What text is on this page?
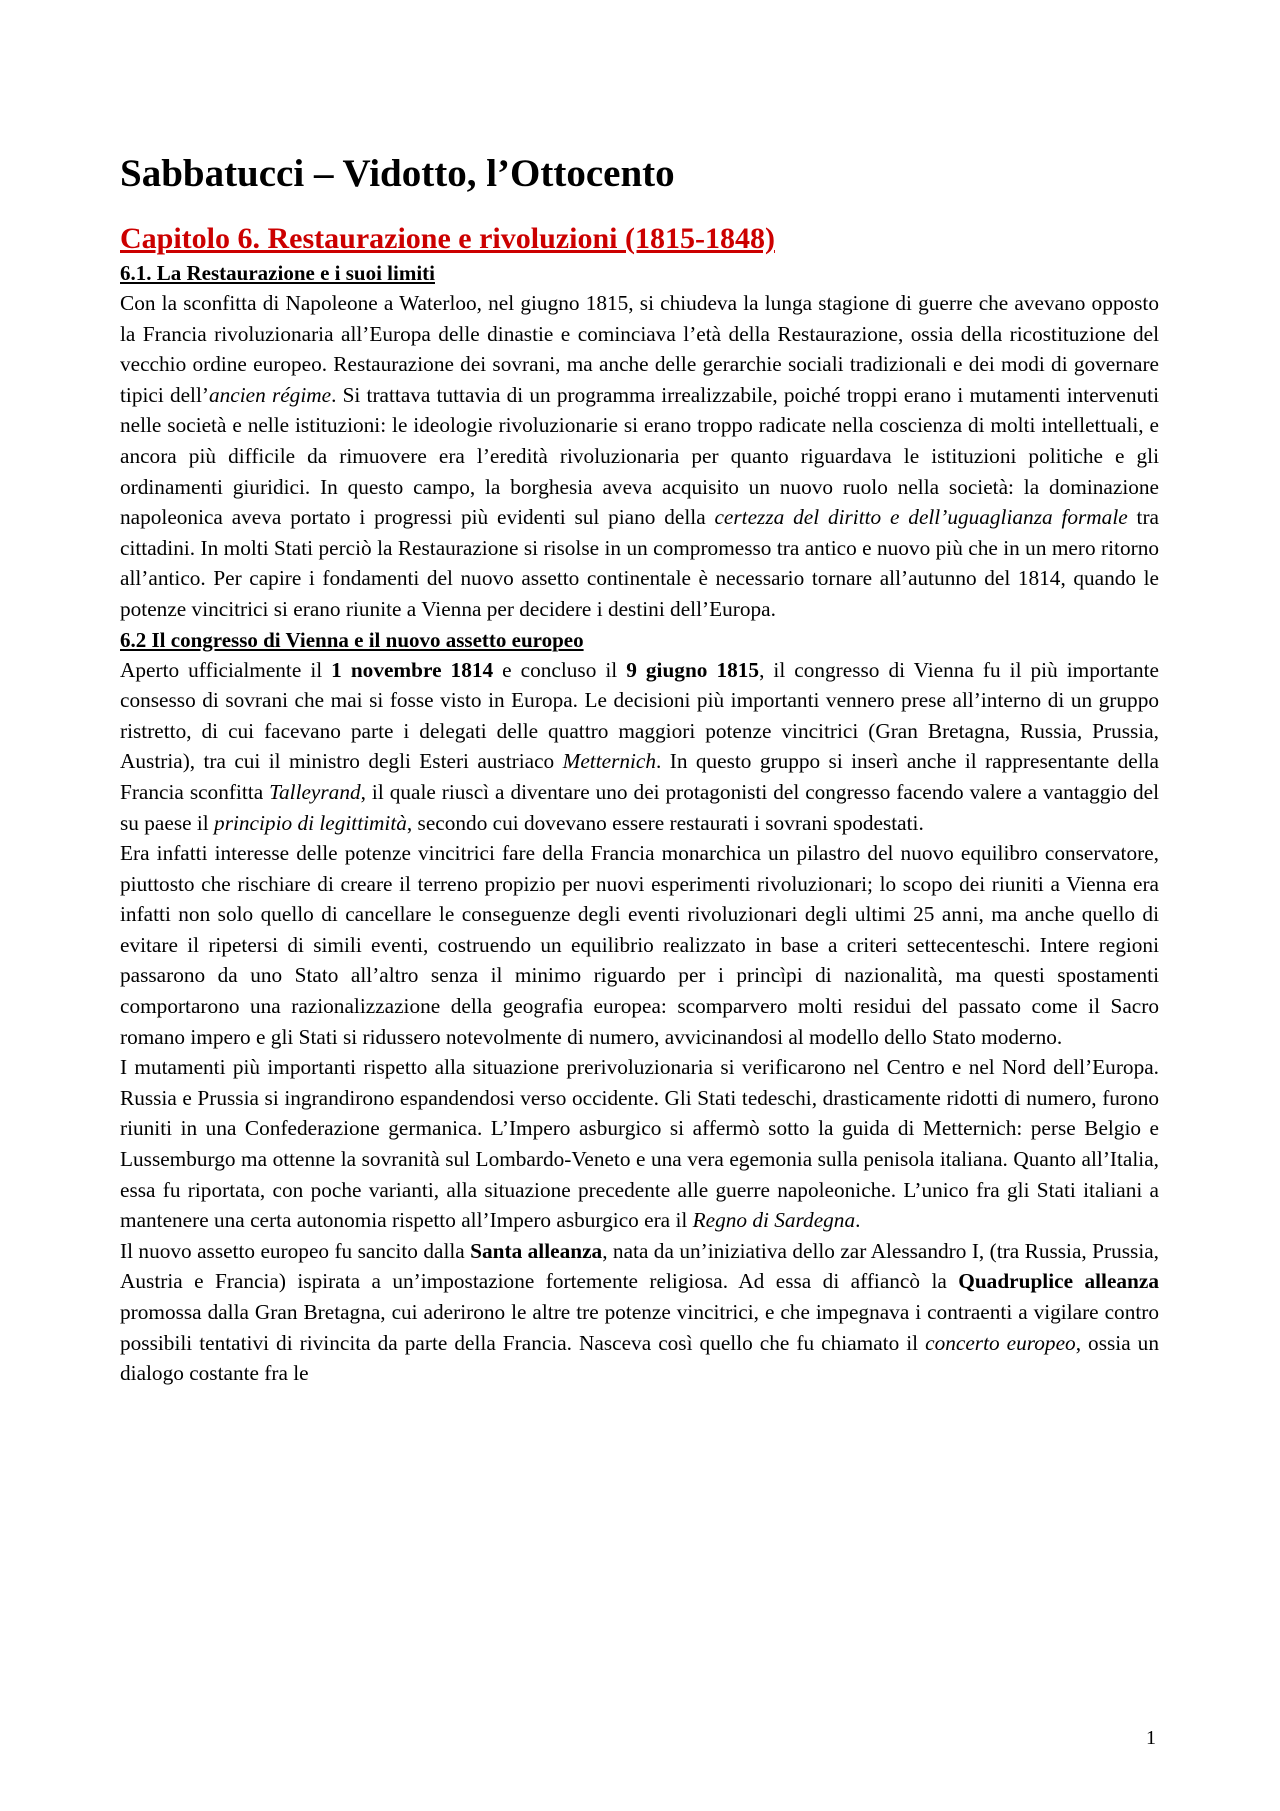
Sabbatucci – Vidotto, l’Ottocento
Capitolo 6. Restaurazione e rivoluzioni (1815-1848)
6.1. La Restaurazione e i suoi limiti

Con la sconfitta di Napoleone a Waterloo, nel giugno 1815, si chiudeva la lunga stagione di guerre che avevano opposto la Francia rivoluzionaria all’Europa delle dinastie e cominciava l’età della Restaurazione, ossia della ricostituzione del vecchio ordine europeo. Restaurazione dei sovrani, ma anche delle gerarchie sociali tradizionali e dei modi di governare tipici dell’ancien régime. Si trattava tuttavia di un programma irrealizzabile, poiché troppi erano i mutamenti intervenuti nelle società e nelle istituzioni: le ideologie rivoluzionarie si erano troppo radicate nella coscienza di molti intellettuali, e ancora più difficile da rimuovere era l’eredità rivoluzionaria per quanto riguardava le istituzioni politiche e gli ordinamenti giuridici. In questo campo, la borghesia aveva acquisito un nuovo ruolo nella società: la dominazione napoleonica aveva portato i progressi più evidenti sul piano della certezza del diritto e dell’uguaglianza formale tra cittadini. In molti Stati perciò la Restaurazione si risolse in un compromesso tra antico e nuovo più che in un mero ritorno all’antico. Per capire i fondamenti del nuovo assetto continentale è necessario tornare all’autunno del 1814, quando le potenze vincitrici si erano riunite a Vienna per decidere i destini dell’Europa.

6.2 Il congresso di Vienna e il nuovo assetto europeo

Aperto ufficialmente il 1 novembre 1814 e concluso il 9 giugno 1815, il congresso di Vienna fu il più importante consesso di sovrani che mai si fosse visto in Europa. Le decisioni più importanti vennero prese all’interno di un gruppo ristretto, di cui facevano parte i delegati delle quattro maggiori potenze vincitrici (Gran Bretagna, Russia, Prussia, Austria), tra cui il ministro degli Esteri austriaco Metternich. In questo gruppo si inserì anche il rappresentante della Francia sconfitta Talleyrand, il quale riuscì a diventare uno dei protagonisti del congresso facendo valere a vantaggio del su paese il principio di legittimità, secondo cui dovevano essere restaurati i sovrani spodestati.

Era infatti interesse delle potenze vincitrici fare della Francia monarchica un pilastro del nuovo equilibro conservatore, piuttosto che rischiare di creare il terreno propizio per nuovi esperimenti rivoluzionari; lo scopo dei riuniti a Vienna era infatti non solo quello di cancellare le conseguenze degli eventi rivoluzionari degli ultimi 25 anni, ma anche quello di evitare il ripetersi di simili eventi, costruendo un equilibrio realizzato in base a criteri settecenteschi. Intere regioni passarono da uno Stato all’altro senza il minimo riguardo per i princìpi di nazionalità, ma questi spostamenti comportarono una razionalizzazione della geografia europea: scomparvero molti residui del passato come il Sacro romano impero e gli Stati si ridussero notevolmente di numero, avvicinandosi al modello dello Stato moderno.

I mutamenti più importanti rispetto alla situazione prerivoluzionaria si verificarono nel Centro e nel Nord dell’Europa. Russia e Prussia si ingrandirono espandendosi verso occidente. Gli Stati tedeschi, drasticamente ridotti di numero, furono riuniti in una Confederazione germanica. L’Impero asburgico si affermò sotto la guida di Metternich: perse Belgio e Lussemburgo ma ottenne la sovranità sul Lombardo-Veneto e una vera egemonia sulla penisola italiana. Quanto all’Italia, essa fu riportata, con poche varianti, alla situazione precedente alle guerre napoleoniche. L’unico fra gli Stati italiani a mantenere una certa autonomia rispetto all’Impero asburgico era il Regno di Sardegna.

Il nuovo assetto europeo fu sancito dalla Santa alleanza, nata da un’iniziativa dello zar Alessandro I, (tra Russia, Prussia, Austria e Francia) ispirata a un’impostazione fortemente religiosa. Ad essa di affiancò la Quadruplice alleanza promossa dalla Gran Bretagna, cui aderirono le altre tre potenze vincitrici, e che impegnava i contraenti a vigilare contro possibili tentativi di rivincita da parte della Francia. Nasceva così quello che fu chiamato il concerto europeo, ossia un dialogo costante fra le

1
